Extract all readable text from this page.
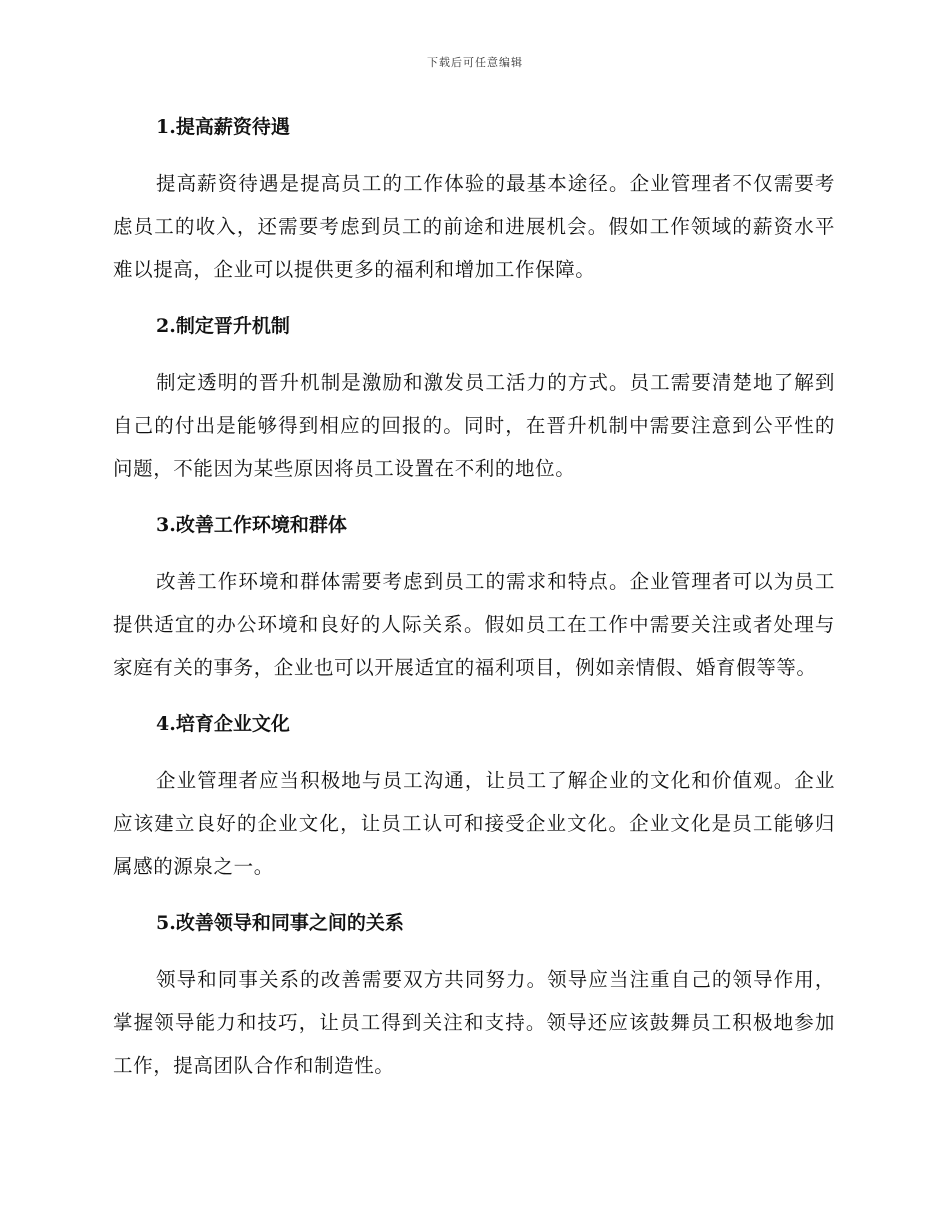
下载后可任意编辑
1.提高薪资待遇

提高薪资待遇是提高员工的工作体验的最基本途径。企业管理者不仅需要考虑员工的收入，还需要考虑到员工的前途和进展机会。假如工作领域的薪资水平难以提高，企业可以提供更多的福利和增加工作保障。

2.制定晋升机制

制定透明的晋升机制是激励和激发员工活力的方式。员工需要清楚地了解到自己的付出是能够得到相应的回报的。同时，在晋升机制中需要注意到公平性的问题，不能因为某些原因将员工设置在不利的地位。

3.改善工作环境和群体

改善工作环境和群体需要考虑到员工的需求和特点。企业管理者可以为员工提供适宜的办公环境和良好的人际关系。假如员工在工作中需要关注或者处理与家庭有关的事务，企业也可以开展适宜的福利项目，例如亲情假、婚育假等等。

4.培育企业文化

企业管理者应当积极地与员工沟通，让员工了解企业的文化和价值观。企业应该建立良好的企业文化，让员工认可和接受企业文化。企业文化是员工能够归属感的源泉之一。

5.改善领导和同事之间的关系

领导和同事关系的改善需要双方共同努力。领导应当注重自己的领导作用，掌握领导能力和技巧，让员工得到关注和支持。领导还应该鼓舞员工积极地参加工作，提高团队合作和制造性。
